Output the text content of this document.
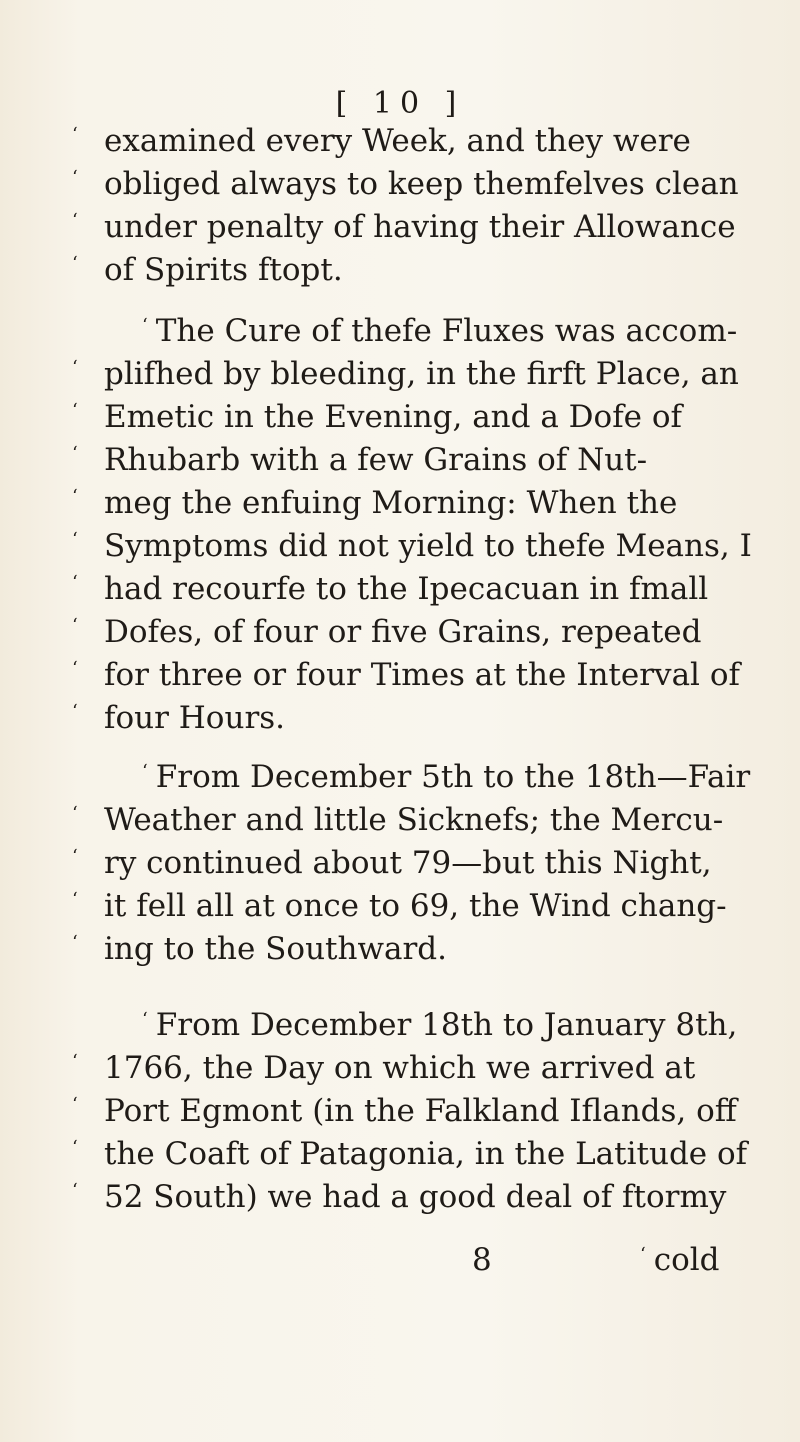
[ 10 ]
‘ examined every Week, and they were
‘ obliged always to keep themfelves clean
‘ under penalty of having their Allowance
‘ of Spirits ftopt.
‘ The Cure of thefe Fluxes was accom-
‘ plifhed by bleeding, in the firft Place, an
‘ Emetic in the Evening, and a Dofe of
‘ Rhubarb with a few Grains of Nut-
‘ meg the enfuing Morning: When the
‘ Symptoms did not yield to thefe Means, I
‘ had recourfe to the Ipecacuan in fmall
‘ Dofes, of four or five Grains, repeated
‘ for three or four Times at the Interval of
‘ four Hours.
‘ From December 5th to the 18th—Fair
‘ Weather and little Sicknefs; the Mercu-
‘ ry continued about 79—but this Night,
‘ it fell all at once to 69, the Wind chang-
‘ ing to the Southward.
‘ From December 18th to January 8th,
‘ 1766, the Day on which we arrived at
‘ Port Egmont (in the Falkland Iflands, off
‘ the Coaft of Patagonia, in the Latitude of
‘ 52 South) we had a good deal of ftormy
8	‘ cold
